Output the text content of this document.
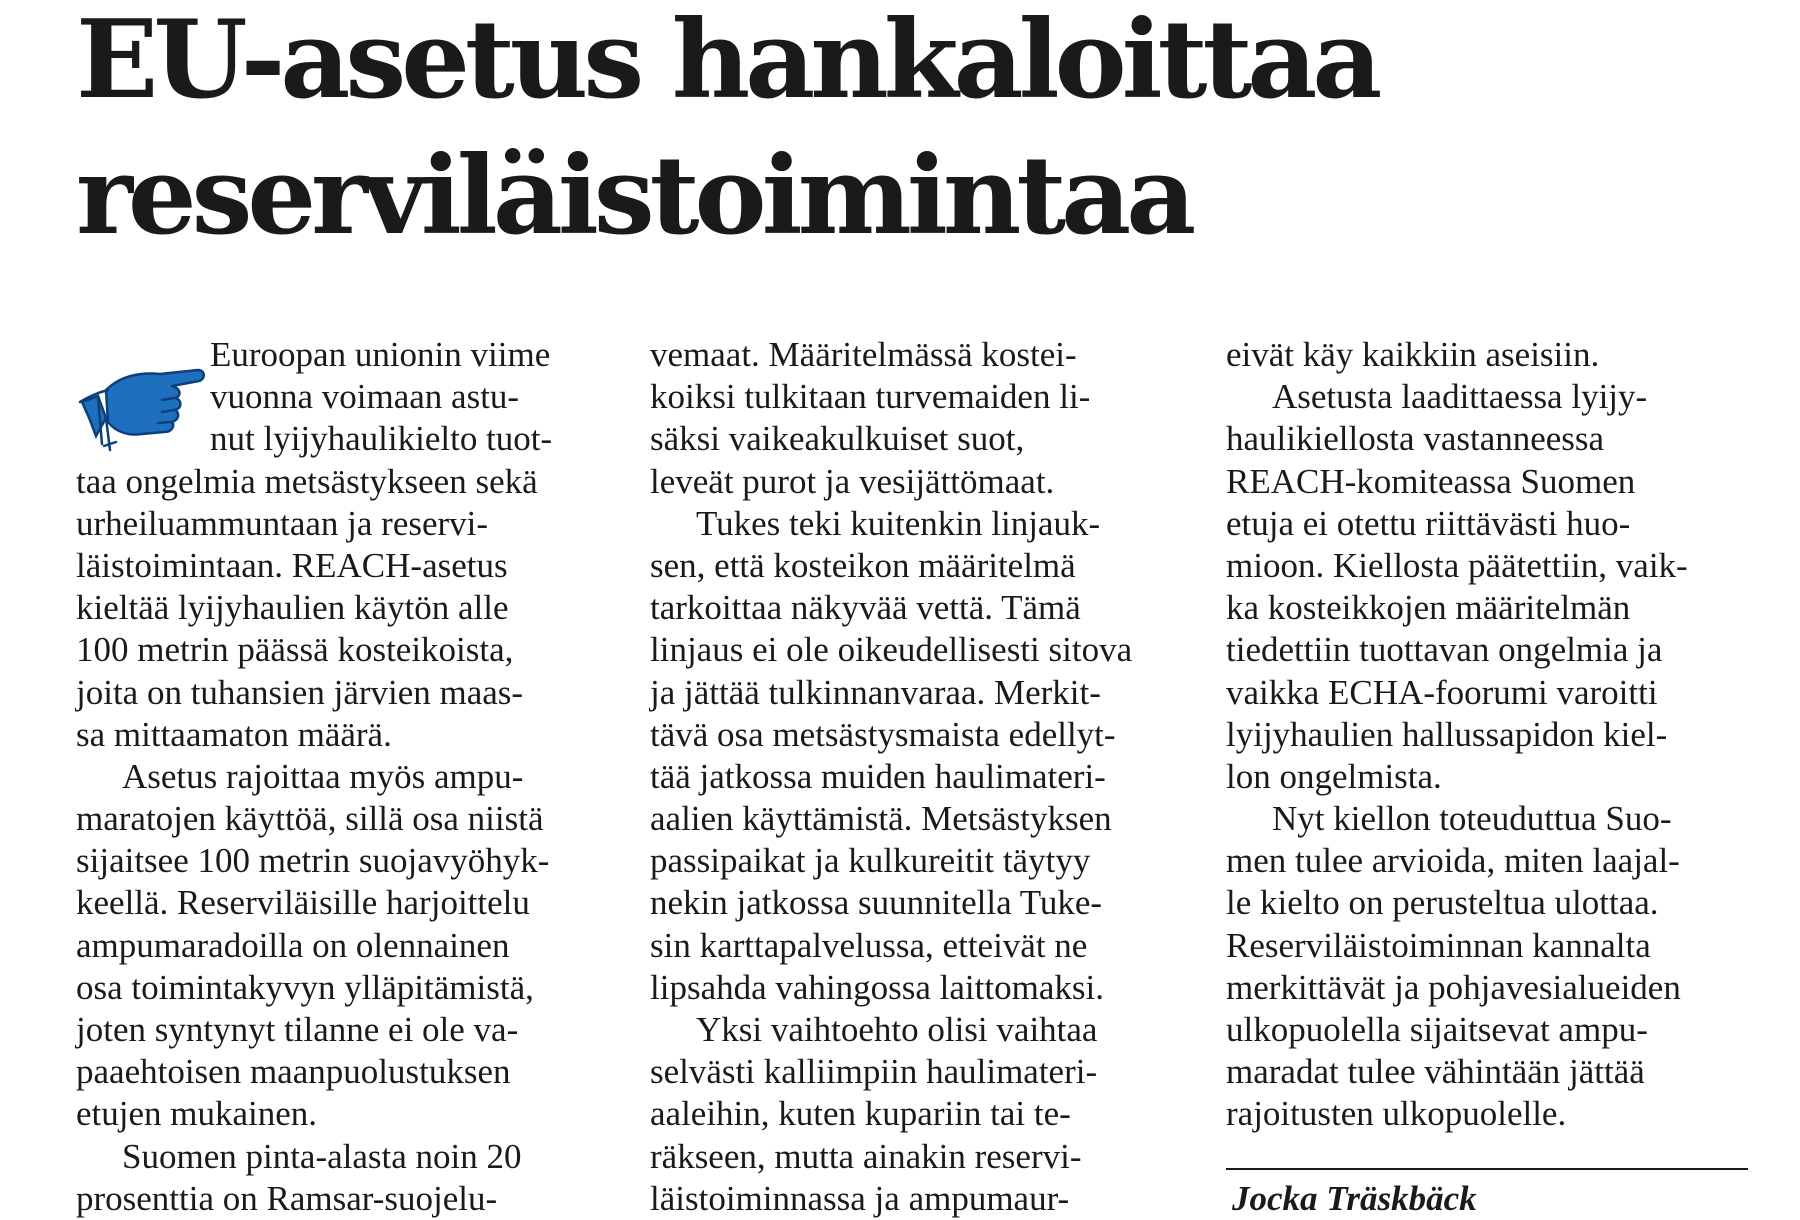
EU-asetus hankaloittaa
reserviläistoimintaa
Euroopan unionin viime
vuonna voimaan astu-
nut lyijyhaulikielto tuot-
taa ongelmia metsästykseen sekä
urheiluammuntaan ja reservi-
läistoimintaan. REACH-asetus
kieltää lyijyhaulien käytön alle
100 metrin päässä kosteikoista,
joita on tuhansien järvien maas-
sa mittaamaton määrä.
Asetus rajoittaa myös ampu-
maratojen käyttöä, sillä osa niistä
sijaitsee 100 metrin suojavyöhyk-
keellä. Reserviläisille harjoittelu
ampumaradoilla on olennainen
osa toimintakyvyn ylläpitämistä,
joten syntynyt tilanne ei ole va-
paaehtoisen maanpuolustuksen
etujen mukainen.
Suomen pinta-alasta noin 20
prosenttia on Ramsar-suojelu-
vemaat. Määritelmässä kostei-
koiksi tulkitaan turvemaiden li-
säksi vaikeakulkuiset suot,
leveät purot ja vesijättömaat.
Tukes teki kuitenkin linjauk-
sen, että kosteikon määritelmä
tarkoittaa näkyvää vettä. Tämä
linjaus ei ole oikeudellisesti sitova
ja jättää tulkinnanvaraa. Merkit-
tävä osa metsästysmaista edellyt-
tää jatkossa muiden haulimateri-
aalien käyttämistä. Metsästyksen
passipaikat ja kulkureitit täytyy
nekin jatkossa suunnitella Tuke-
sin karttapalvelussa, etteivät ne
lipsahda vahingossa laittomaksi.
Yksi vaihtoehto olisi vaihtaa
selvästi kalliimpiin haulimateri-
aaleihin, kuten kupariin tai te-
räkseen, mutta ainakin reservi-
läistoiminnassa ja ampumaur-
eivät käy kaikkiin aseisiin.
Asetusta laadittaessa lyijy-
haulikiellosta vastanneessa
REACH-komiteassa Suomen
etuja ei otettu riittävästi huo-
mioon. Kiellosta päätettiin, vaik-
ka kosteikkojen määritelmän
tiedettiin tuottavan ongelmia ja
vaikka ECHA-foorumi varoitti
lyijyhaulien hallussapidon kiel-
lon ongelmista.
Nyt kiellon toteuduttua Suo-
men tulee arvioida, miten laajal-
le kielto on perusteltua ulottaa.
Reserviläistoiminnan kannalta
merkittävät ja pohjavesialueiden
ulkopuolella sijaitsevat ampu-
maradat tulee vähintään jättää
rajoitusten ulkopuolelle.
Jocka Träskbäck
